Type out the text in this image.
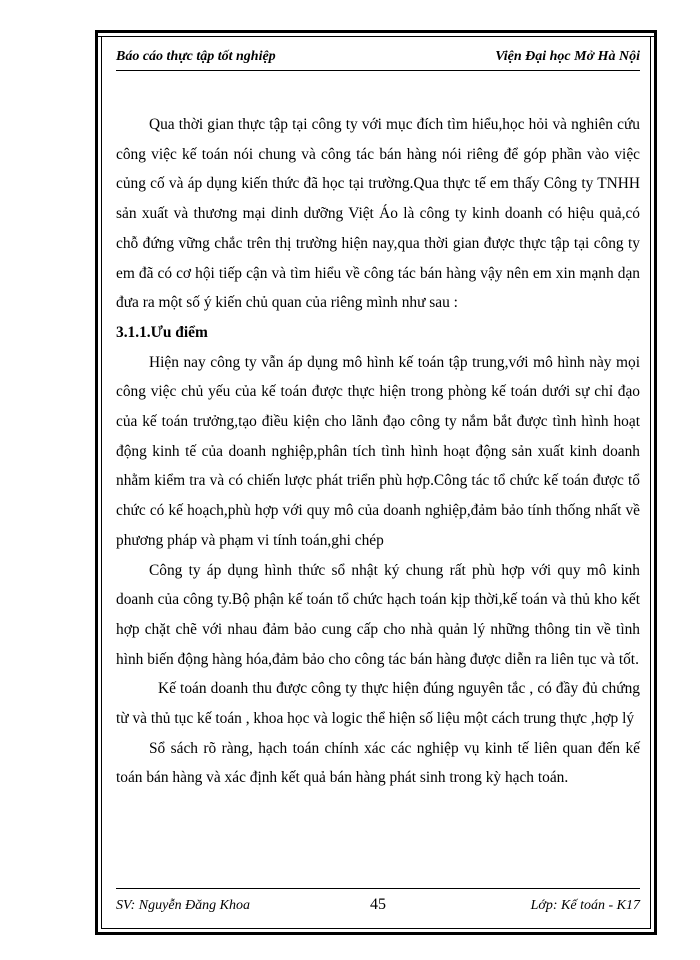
Báo cáo thực tập tốt nghiệp	Viện Đại học Mở Hà Nội

Qua thời gian thực tập tại công ty với mục đích tìm hiểu,học hỏi và nghiên cứu công việc kế toán nói chung và công tác bán hàng nói riêng để góp phần vào việc củng cố và áp dụng kiến thức đã học tại trường.Qua thực tế em thấy Công ty TNHH sản xuất và thương mại dinh dưỡng Việt Áo là công ty kinh doanh có hiệu quả,có chỗ đứng vững chắc trên thị trường hiện nay,qua thời gian được thực tập tại công ty em đã có cơ hội tiếp cận và tìm hiểu về công tác bán hàng vậy nên em xin mạnh dạn đưa ra một số ý kiến chủ quan của riêng mình như sau :

3.1.1.Ưu điểm

Hiện nay công ty vẫn áp dụng mô hình kế toán tập trung,với mô hình này mọi công việc chủ yếu của kế toán được thực hiện trong phòng kế toán dưới sự chỉ đạo của kế toán trưởng,tạo điều kiện cho lãnh đạo công ty nắm bắt được tình hình hoạt động kinh tế của doanh nghiệp,phân tích tình hình hoạt động sản xuất kinh doanh nhằm kiểm tra và có chiến lược phát triển phù hợp.Công tác tổ chức kế toán được tổ chức có kế hoạch,phù hợp với quy mô của doanh nghiệp,đảm bảo tính thống nhất về phương pháp và phạm vi tính toán,ghi chép

Công ty áp dụng hình thức sổ nhật ký chung rất phù hợp với quy mô kinh doanh của công ty.Bộ phận kế toán tổ chức hạch toán kịp thời,kế toán và thủ kho kết hợp chặt chẽ với nhau đảm bảo cung cấp cho nhà quản lý những thông tin về tình hình biến động hàng hóa,đảm bảo cho công tác bán hàng được diễn ra liên tục và tốt.

Kế toán doanh thu được công ty thực hiện đúng nguyên tắc , có đầy đủ chứng từ và thủ tục kế toán , khoa học và logic thể hiện số liệu một cách trung thực ,hợp lý

Sổ sách rõ ràng, hạch toán chính xác các nghiệp vụ kinh tế liên quan đến kế toán bán hàng và xác định kết quả bán hàng phát sinh trong kỳ hạch toán.

SV: Nguyễn Đăng Khoa	45	Lớp: Kế toán - K17
